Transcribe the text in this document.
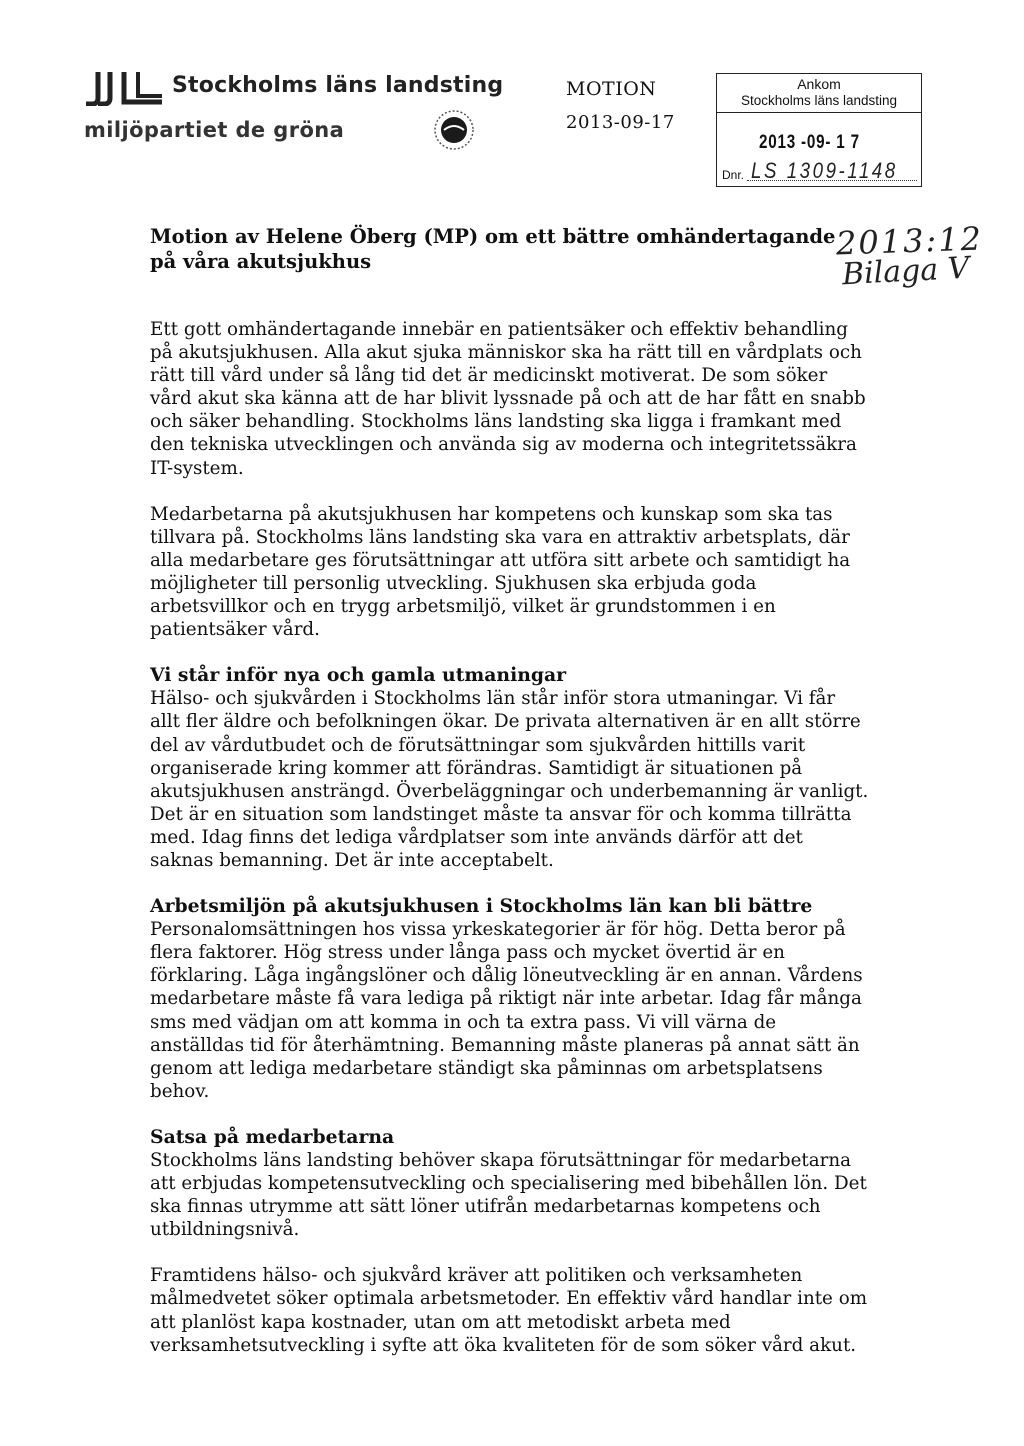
Stockholms läns landsting
miljöpartiet de gröna
MOTION
2013-09-17
Ankom
Stockholms läns landsting
2013 -09- 1 7
Dnr. LS 1309-1148
2013:12
Bilaga V
Motion av Helene Öberg (MP) om ett bättre omhändertagande på våra akutsjukhus

Ett gott omhändertagande innebär en patientsäker och effektiv behandling på akutsjukhusen. Alla akut sjuka människor ska ha rätt till en vårdplats och rätt till vård under så lång tid det är medicinskt motiverat. De som söker vård akut ska känna att de har blivit lyssnade på och att de har fått en snabb och säker behandling. Stockholms läns landsting ska ligga i framkant med den tekniska utvecklingen och använda sig av moderna och integritetssäkra IT-system.

Medarbetarna på akutsjukhusen har kompetens och kunskap som ska tas tillvara på. Stockholms läns landsting ska vara en attraktiv arbetsplats, där alla medarbetare ges förutsättningar att utföra sitt arbete och samtidigt ha möjligheter till personlig utveckling. Sjukhusen ska erbjuda goda arbetsvillkor och en trygg arbetsmiljö, vilket är grundstommen i en patientsäker vård.

Vi står inför nya och gamla utmaningar

Hälso- och sjukvården i Stockholms län står inför stora utmaningar. Vi får allt fler äldre och befolkningen ökar. De privata alternativen är en allt större del av vårdutbudet och de förutsättningar som sjukvården hittills varit organiserade kring kommer att förändras. Samtidigt är situationen på akutsjukhusen ansträngd. Överbeläggningar och underbemanning är vanligt. Det är en situation som landstinget måste ta ansvar för och komma tillrätta med. Idag finns det lediga vårdplatser som inte används därför att det saknas bemanning. Det är inte acceptabelt.

Arbetsmiljön på akutsjukhusen i Stockholms län kan bli bättre

Personalomsättningen hos vissa yrkeskategorier är för hög. Detta beror på flera faktorer. Hög stress under långa pass och mycket övertid är en förklaring. Låga ingångslöner och dålig löneutveckling är en annan. Vårdens medarbetare måste få vara lediga på riktigt när inte arbetar. Idag får många sms med vädjan om att komma in och ta extra pass. Vi vill värna de anställdas tid för återhämtning. Bemanning måste planeras på annat sätt än genom att lediga medarbetare ständigt ska påminnas om arbetsplatsens behov.

Satsa på medarbetarna

Stockholms läns landsting behöver skapa förutsättningar för medarbetarna att erbjudas kompetensutveckling och specialisering med bibehållen lön. Det ska finnas utrymme att sätt löner utifrån medarbetarnas kompetens och utbildningsnivå.

Framtidens hälso- och sjukvård kräver att politiken och verksamheten målmedvetet söker optimala arbetsmetoder. En effektiv vård handlar inte om att planlöst kapa kostnader, utan om att metodiskt arbeta med verksamhetsutveckling i syfte att öka kvaliteten för de som söker vård akut.
